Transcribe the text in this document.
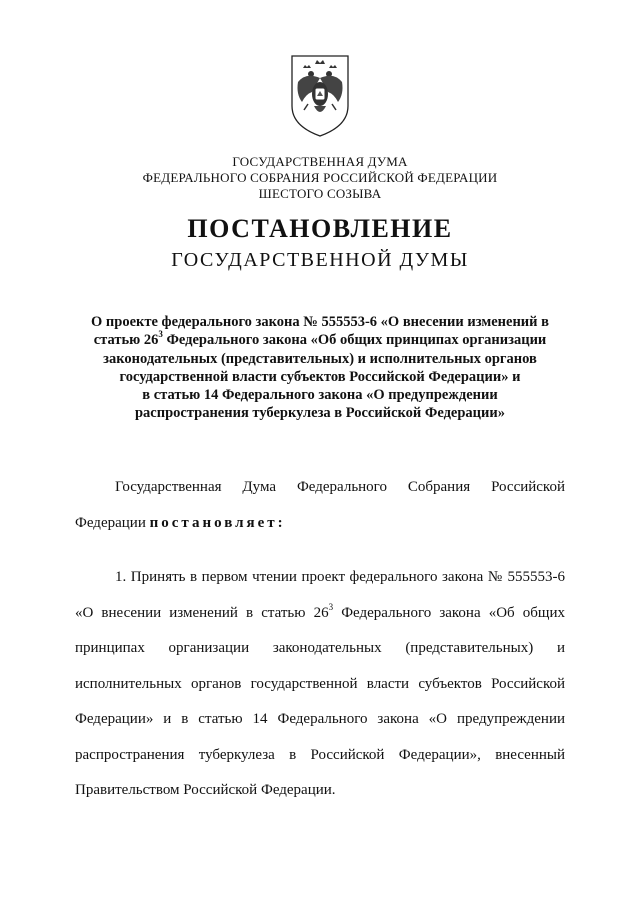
ГОСУДАРСТВЕННАЯ ДУМА
ФЕДЕРАЛЬНОГО СОБРАНИЯ РОССИЙСКОЙ ФЕДЕРАЦИИ
ШЕСТОГО СОЗЫВА
ПОСТАНОВЛЕНИЕ
ГОСУДАРСТВЕННОЙ ДУМЫ
О проекте федерального закона № 555553-6 «О внесении изменений в
статью $26^3$ Федерального закона «Об общих принципах организации
законодательных (представительных) и исполнительных органов
государственной власти субъектов Российской Федерации» и
в статью 14 Федерального закона «О предупреждении
распространения туберкулеза в Российской Федерации»
Государственная Дума Федерального Собрания Российской
Федерации постановляет:
1. Принять в первом чтении проект федерального закона № 555553-6
«О внесении изменений в статью $26^3$ Федерального закона «Об общих
принципах организации законодательных (представительных) и
исполнительных органов государственной власти субъектов Российской
Федерации» и в статью 14 Федерального закона «О предупреждении
распространения туберкулеза в Российской Федерации», внесенный
Правительством Российской Федерации.
